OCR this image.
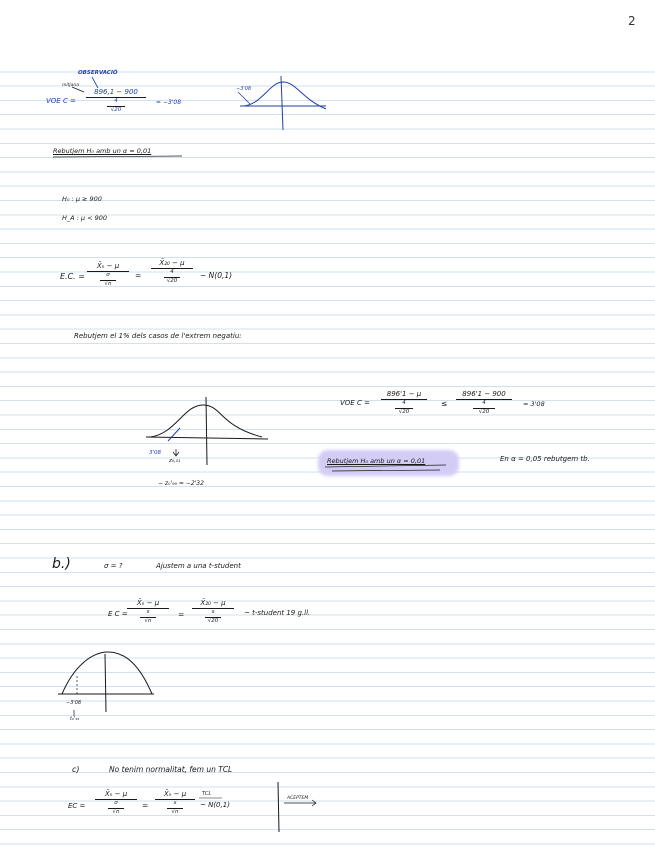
2
OBSERVACIÓ
mitjana
VOE C =
896,1 − 900
4
√20
= −3'08
−3'08
Rebutjem H₀ amb un α = 0,01
H₀ : μ ≥ 900
H_A : μ < 900
E.C. =
X̄ₙ − μ
σ
√n
=
X̄₂₀ − μ
4
√20
~ N(0,1)
Rebutjem el 1% dels casos de l'extrem negatiu:
3'08
z₀,₀₁
− z₀'₉₉ = −2'32
VOE C =
896'1 − μ
4
√20
≤
896'1 − 900
4
√20
= 3'08
Rebutjem H₀ amb un α = 0,01	En α = 0,05 rebutgem tb.
b.)	σ = ?	Ajustem a una t-student
E C =
X̄ₙ − μ
s
√n
=
X̄₂₀ − μ
s
√20
~ t-student 19 g.ll.
−3'08
t₀'₉₅
c)	No tenim normalitat, fem un TCL
EC =
X̄ₙ − μ
σ
√n
=
X̄ₙ − μ
s
√n
TCL
~ N(0,1)
ACEPTEM
